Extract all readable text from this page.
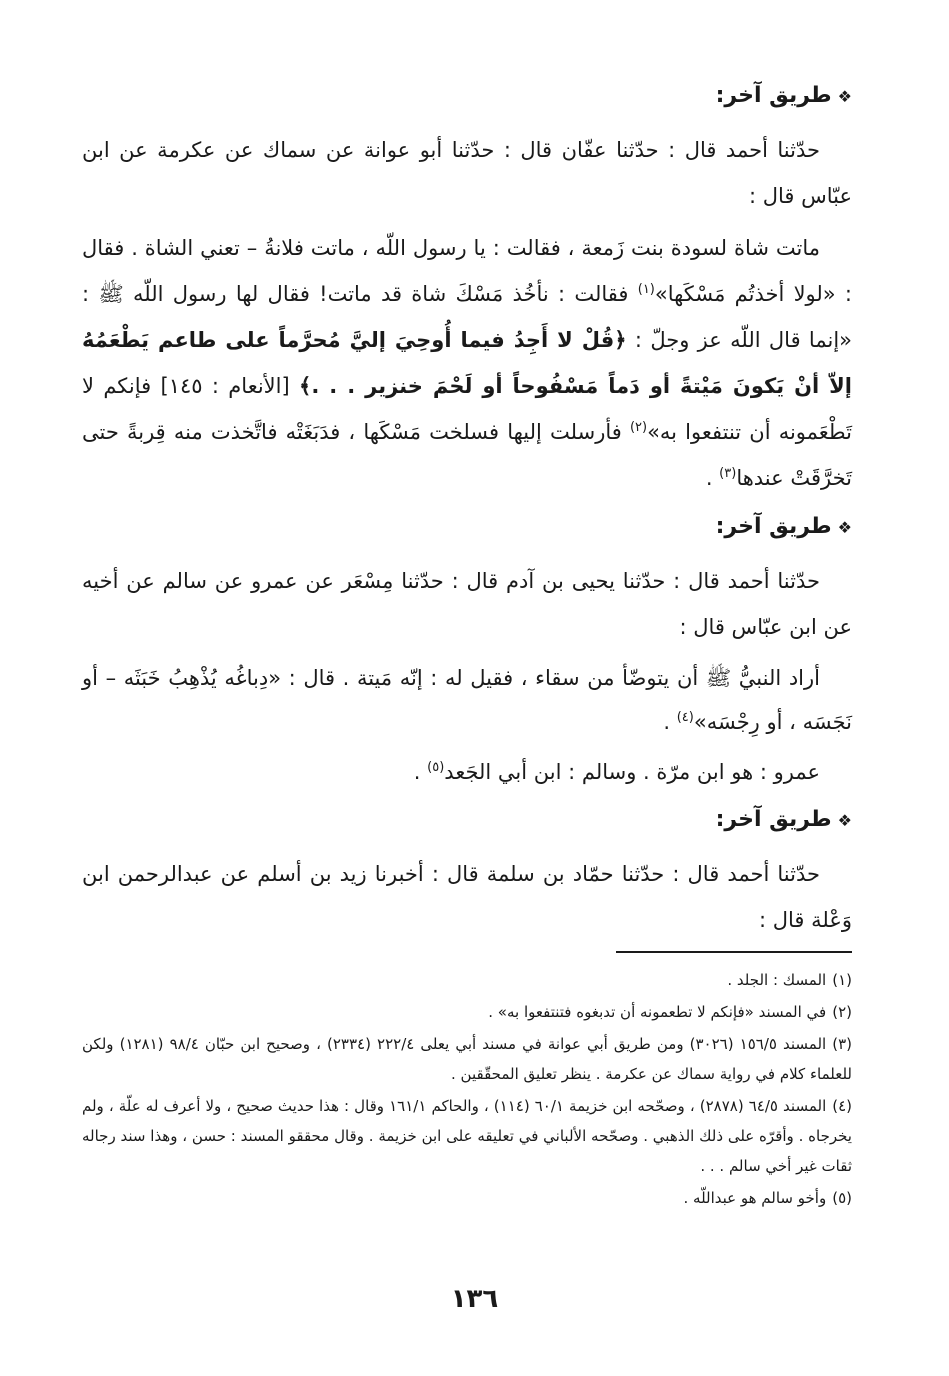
❖طريق آخر:

حدّثنا أحمد قال : حدّثنا عفّان قال : حدّثنا أبو عوانة عن سماك عن عكرمة عن ابن عبّاس قال :

ماتت شاة لسودة بنت زَمعة ، فقالت : يا رسول اللّه ، ماتت فلانةُ – تعني الشاة . فقال : «لولا أخذتُم مَسْكَها»$^{(١)}$ فقالت : نأخُذ مَسْكَ شاة قد ماتت! فقال لها رسول اللّه ﷺ : «إنما قال اللّه عز وجلّ : ﴿قُلْ لا أَجِدُ فيما أُوحِيَ إليَّ مُحرَّماً على طاعم يَطْعَمُهُ إلاّ أنْ يَكونَ مَيْتةً أو دَماً مَسْفُوحاً أو لَحْمَ خنزير . . .﴾ [الأنعام : ١٤٥] فإنكم لا تَطْعَمونه أن تنتفعوا به»$^{(٢)}$ فأرسلت إليها فسلخت مَسْكَها ، فدَبَغَتْه فاتَّخذت منه قِربةً حتى تَخرَّقَتْ عندها$^{(٣)}$ .

❖طريق آخر:

حدّثنا أحمد قال : حدّثنا يحيى بن آدم قال : حدّثنا مِسْعَر عن عمرو عن سالم عن أخيه عن ابن عبّاس قال :

أراد النبيُّ ﷺ أن يتوضّأ من سقاء ، فقيل له : إنّه مَيتة . قال : «دِباغُه يُذْهِبُ خَبَثَه – أو نَجَسَه ، أو رِجْسَه»$^{(٤)}$ .

عمرو : هو ابن مرّة . وسالم : ابن أبي الجَعد$^{(٥)}$ .

❖طريق آخر:

حدّثنا أحمد قال : حدّثنا حمّاد بن سلمة قال : أخبرنا زيد بن أسلم عن عبدالرحمن ابن وَعْلة قال :

(١)المسك : الجلد .

(٢)في المسند «فإنكم لا تطعمونه أن تدبغوه فتنتفعوا به» .

(٣)المسند ١٥٦/٥ (٣٠٢٦) ومن طريق أبي عوانة في مسند أبي يعلى ٢٢٢/٤ (٢٣٣٤) ، وصحيح ابن حبّان ٩٨/٤ (١٢٨١) ولكن للعلماء كلام في رواية سماك عن عكرمة . ينظر تعليق المحقّقين .

(٤)المسند ٦٤/٥ (٢٨٧٨) ، وصحّحه ابن خزيمة ٦٠/١ (١١٤) ، والحاكم ١٦١/١ وقال : هذا حديث صحيح ، ولا أعرف له علّة ، ولم يخرجاه . وأقرّه على ذلك الذهبي . وصحّحه الألباني في تعليقه على ابن خزيمة . وقال محققو المسند : حسن ، وهذا سند رجاله ثقات غير أخي سالم . . .

(٥)وأخو سالم هو عبداللّه .

١٣٦
